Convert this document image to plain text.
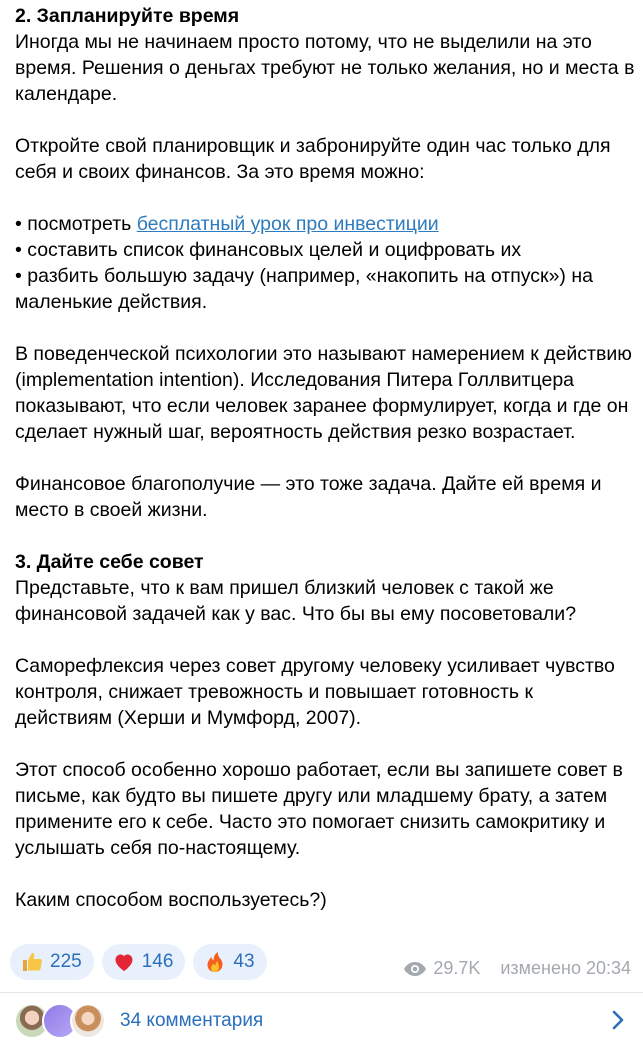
2. Запланируйте время

Иногда мы не начинаем просто потому, что не выделили на это время. Решения о деньгах требуют не только желания, но и места в календаре.

Откройте свой планировщик и забронируйте один час только для себя и своих финансов. За это время можно:

• посмотреть бесплатный урок про инвестиции

• составить список финансовых целей и оцифровать их

• разбить большую задачу (например, «накопить на отпуск») на маленькие действия.

В поведенческой психологии это называют намерением к действию (implementation intention). Исследования Питера Голлвитцера показывают, что если человек заранее формулирует, когда и где он сделает нужный шаг, вероятность действия резко возрастает.

Финансовое благополучие — это тоже задача. Дайте ей время и место в своей жизни.

3. Дайте себе совет

Представьте, что к вам пришел близкий человек с такой же финансовой задачей как у вас. Что бы вы ему посоветовали?

Саморефлексия через совет другому человеку усиливает чувство контроля, снижает тревожность и повышает готовность к действиям (Херши и Мумфорд, 2007).

Этот способ особенно хорошо работает, если вы запишете совет в письме, как будто вы пишете другу или младшему брату, а затем примените его к себе. Часто это помогает снизить самокритику и услышать себя по-настоящему.

Каким способом воспользуетесь?)

225	146	43	29.7K изменено 20:34
34 комментария
